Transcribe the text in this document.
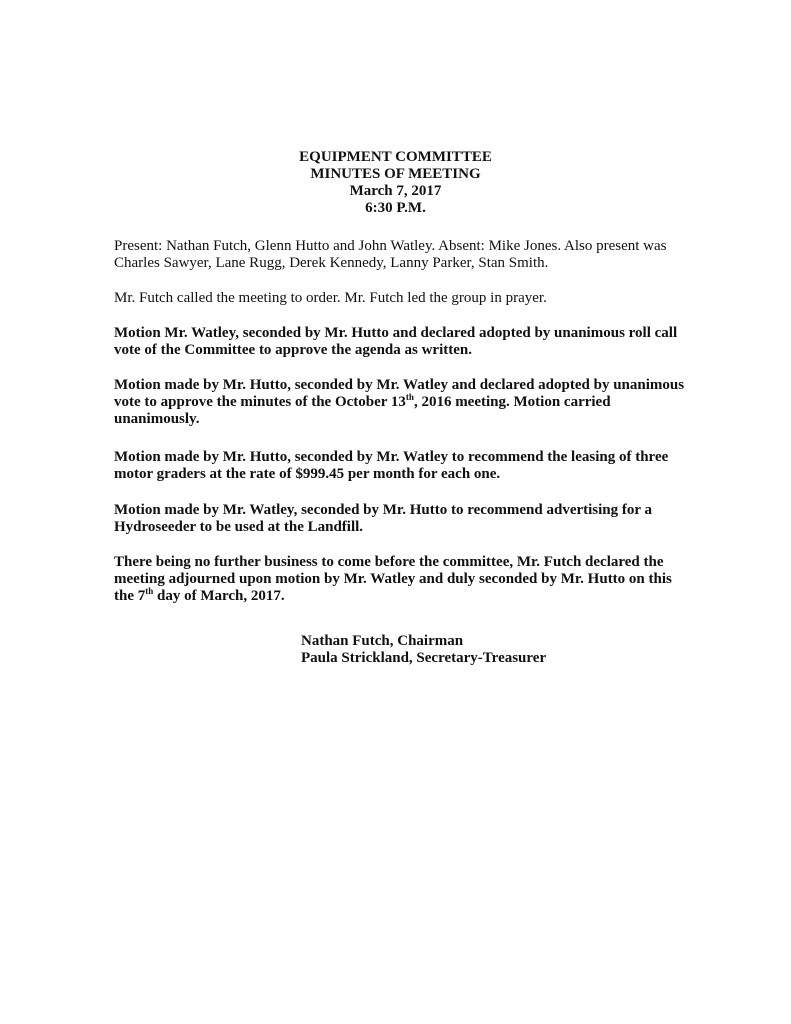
EQUIPMENT COMMITTEE
MINUTES OF MEETING
March 7, 2017
6:30 P.M.

Present: Nathan Futch, Glenn Hutto and John Watley. Absent: Mike Jones. Also present was Charles Sawyer, Lane Rugg, Derek Kennedy, Lanny Parker, Stan Smith.

Mr. Futch called the meeting to order. Mr. Futch led the group in prayer.

Motion Mr. Watley, seconded by Mr. Hutto and declared adopted by unanimous roll call vote of the Committee to approve the agenda as written.

Motion made by Mr. Hutto, seconded by Mr. Watley and declared adopted by unanimous vote to approve the minutes of the October 13th, 2016 meeting. Motion carried unanimously.

Motion made by Mr. Hutto, seconded by Mr. Watley to recommend the leasing of three motor graders at the rate of $999.45 per month for each one.

Motion made by Mr. Watley, seconded by Mr. Hutto to recommend advertising for a Hydroseeder to be used at the Landfill.

There being no further business to come before the committee, Mr. Futch declared the meeting adjourned upon motion by Mr. Watley and duly seconded by Mr. Hutto on this the 7th day of March, 2017.

Nathan Futch, Chairman
Paula Strickland, Secretary-Treasurer
